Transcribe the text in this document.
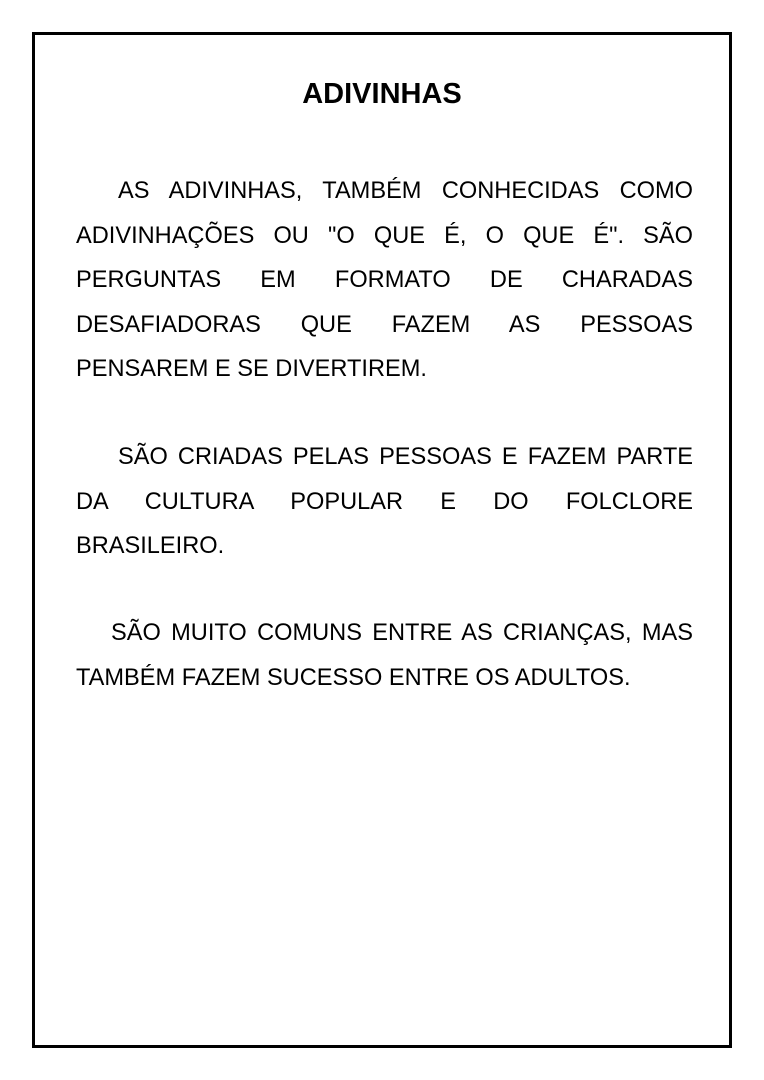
ADIVINHAS

AS ADIVINHAS, TAMBÉM CONHECIDAS COMO ADIVINHAÇÕES OU "O QUE É, O QUE É". SÃO PERGUNTAS EM FORMATO DE CHARADAS DESAFIADORAS QUE FAZEM AS PESSOAS PENSAREM E SE DIVERTIREM.

SÃO CRIADAS PELAS PESSOAS E FAZEM PARTE DA CULTURA POPULAR E DO FOLCLORE BRASILEIRO.

SÃO MUITO COMUNS ENTRE AS CRIANÇAS, MAS TAMBÉM FAZEM SUCESSO ENTRE OS ADULTOS.
